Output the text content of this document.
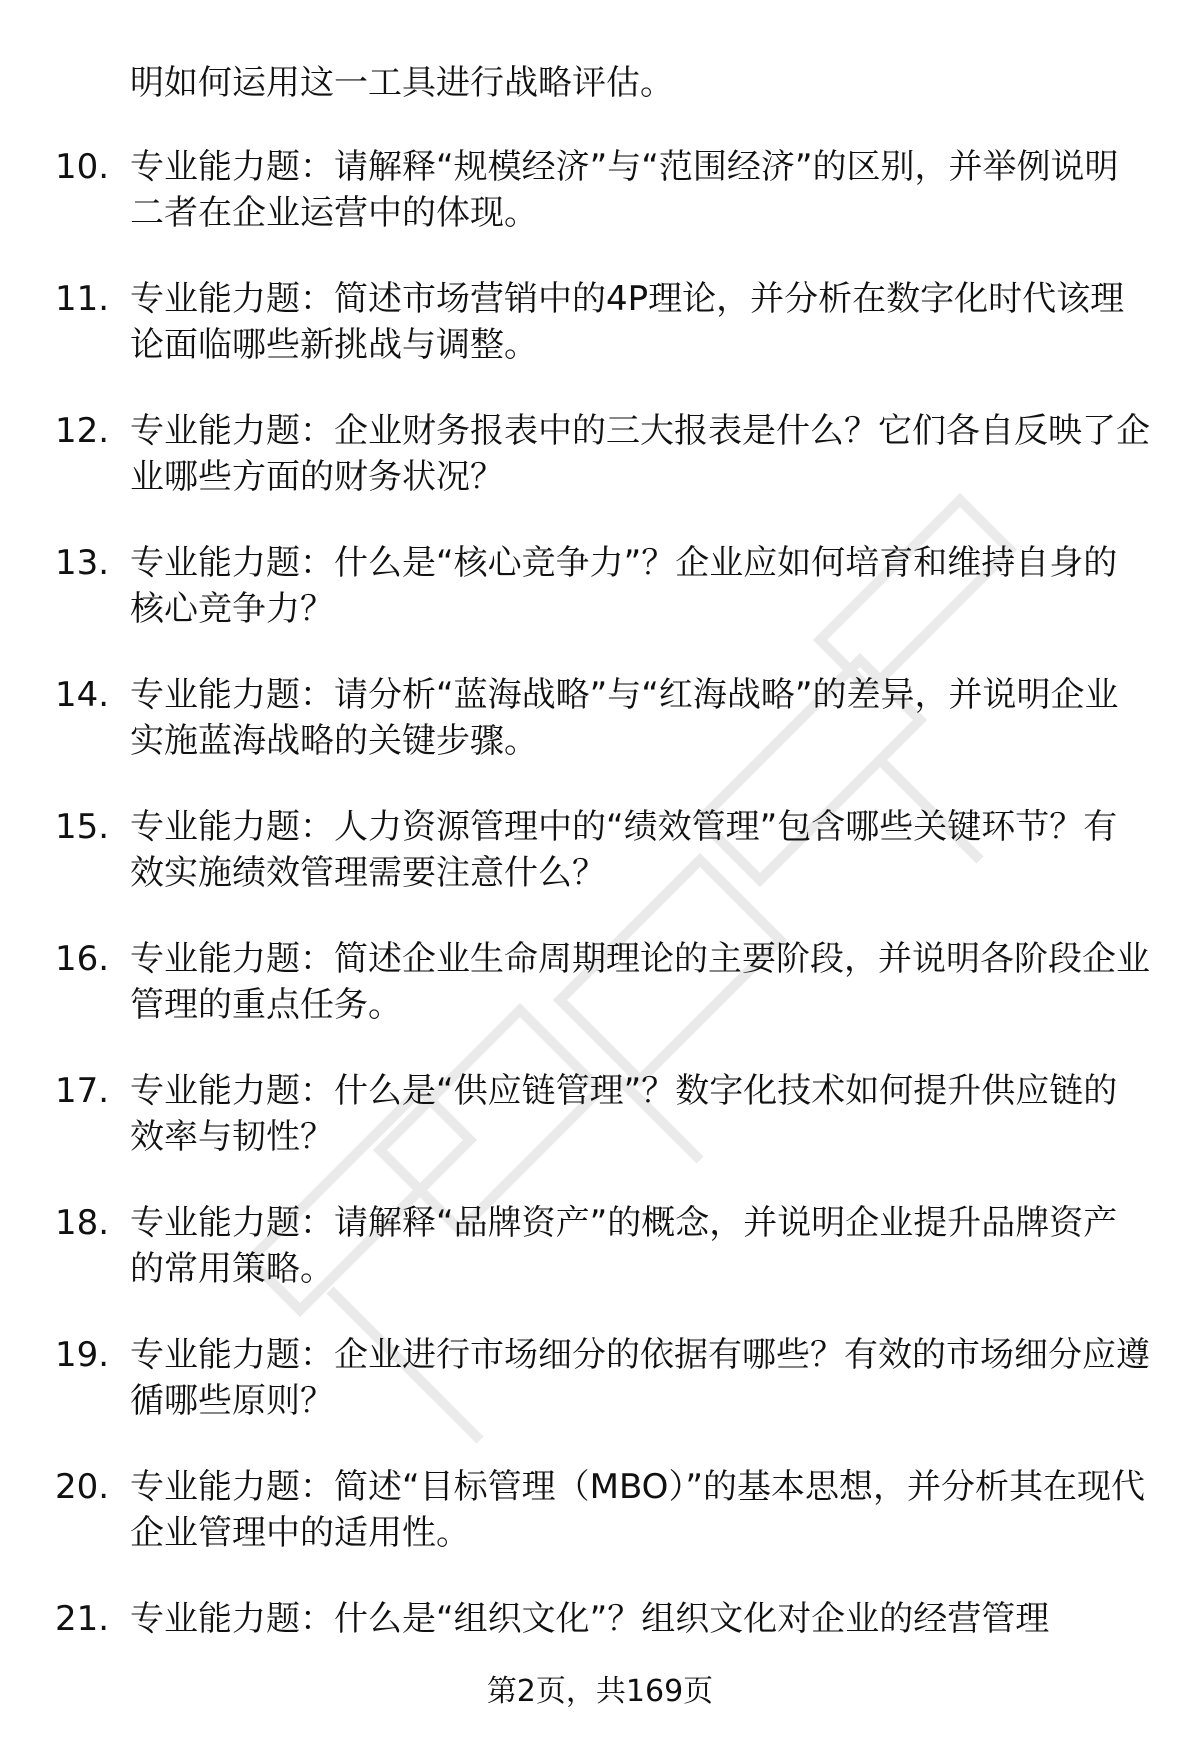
明如何运用这一工具进行战略评估。

10. 专业能力题：请解释“规模经济”与“范围经济”的区别，并举例说明二者在企业运营中的体现。

11. 专业能力题：简述市场营销中的4P理论，并分析在数字化时代该理论面临哪些新挑战与调整。

12. 专业能力题：企业财务报表中的三大报表是什么？它们各自反映了企业哪些方面的财务状况？

13. 专业能力题：什么是“核心竞争力”？企业应如何培育和维持自身的核心竞争力？

14. 专业能力题：请分析“蓝海战略”与“红海战略”的差异，并说明企业实施蓝海战略的关键步骤。

15. 专业能力题：人力资源管理中的“绩效管理”包含哪些关键环节？有效实施绩效管理需要注意什么？

16. 专业能力题：简述企业生命周期理论的主要阶段，并说明各阶段企业管理的重点任务。

17. 专业能力题：什么是“供应链管理”？数字化技术如何提升供应链的效率与韧性？

18. 专业能力题：请解释“品牌资产”的概念，并说明企业提升品牌资产的常用策略。

19. 专业能力题：企业进行市场细分的依据有哪些？有效的市场细分应遵循哪些原则？

20. 专业能力题：简述“目标管理（MBO）”的基本思想，并分析其在现代企业管理中的适用性。

21. 专业能力题：什么是“组织文化”？组织文化对企业的经营管理

第2页，共169页
